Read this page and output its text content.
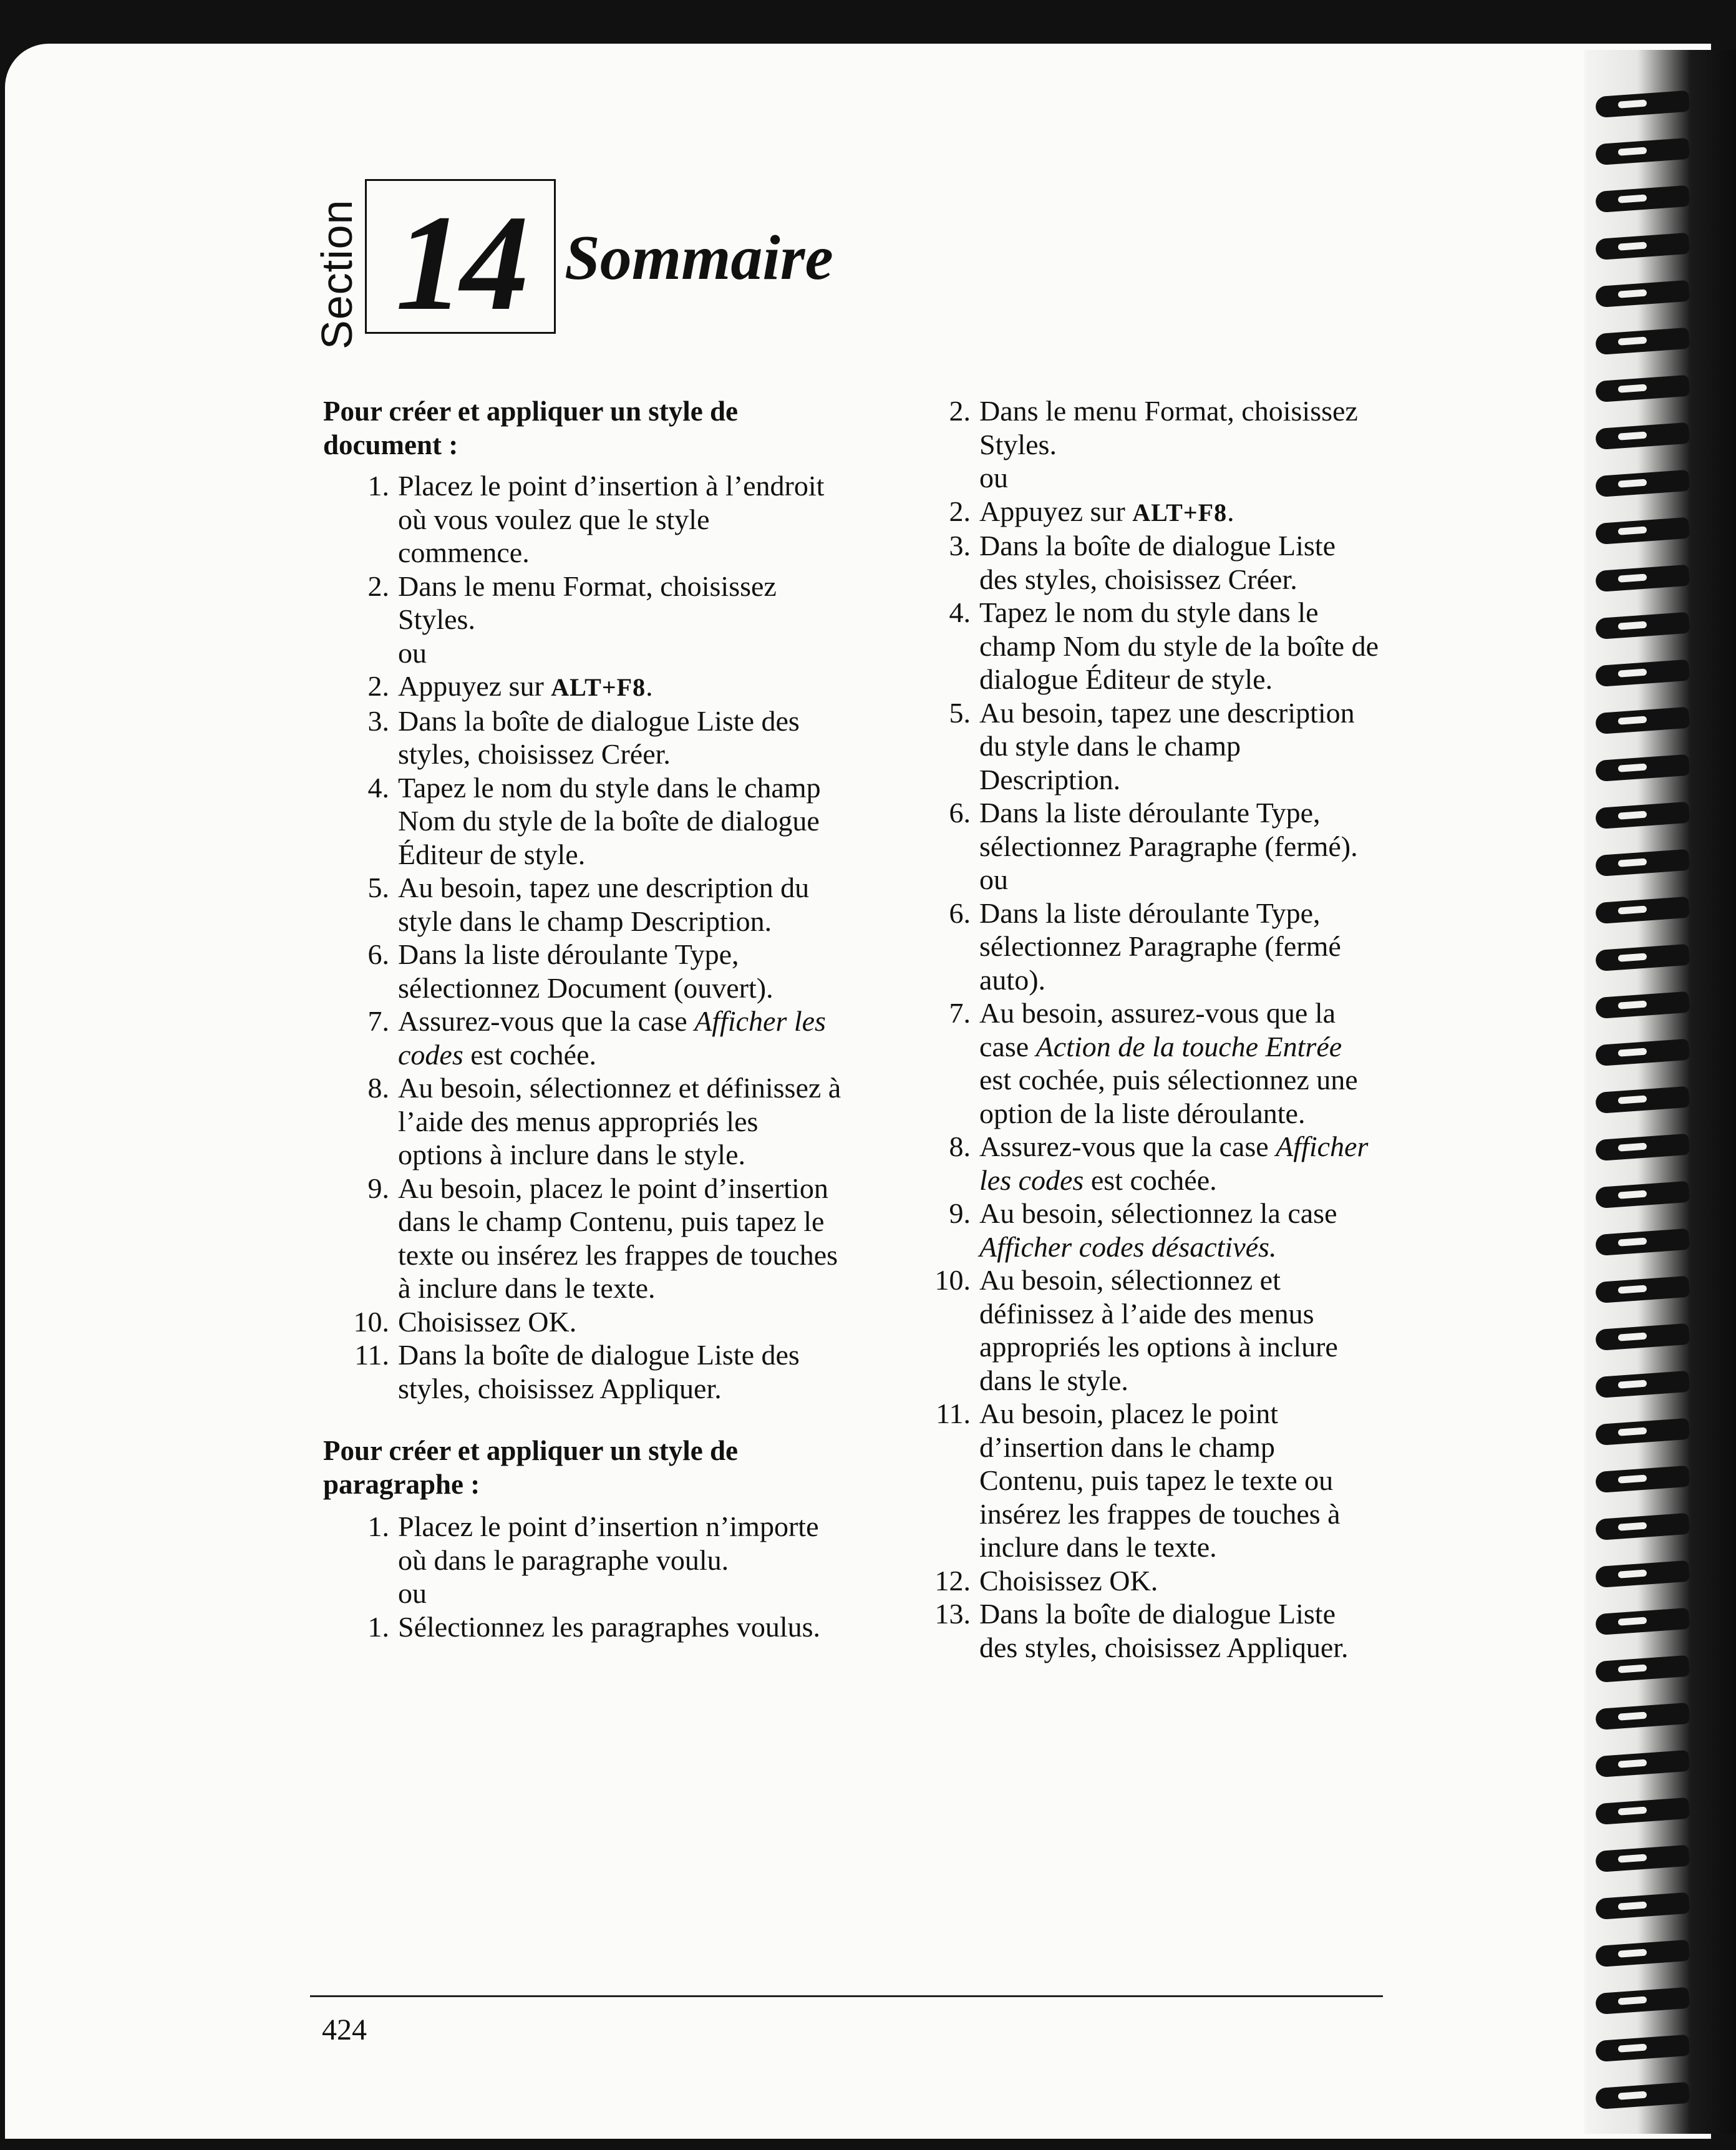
Section 14 Sommaire
Pour créer et appliquer un style de document :
1. Placez le point d’insertion à l’endroit où vous voulez que le style commence.
2. Dans le menu Format, choisissez Styles.
ou
2. Appuyez sur ALT+F8.
3. Dans la boîte de dialogue Liste des styles, choisissez Créer.
4. Tapez le nom du style dans le champ Nom du style de la boîte de dialogue Éditeur de style.
5. Au besoin, tapez une description du style dans le champ Description.
6. Dans la liste déroulante Type, sélectionnez Document (ouvert).
7. Assurez-vous que la case Afficher les codes est cochée.
8. Au besoin, sélectionnez et définissez à l’aide des menus appropriés les options à inclure dans le style.
9. Au besoin, placez le point d’insertion dans le champ Contenu, puis tapez le texte ou insérez les frappes de touches à inclure dans le texte.
10. Choisissez OK.
11. Dans la boîte de dialogue Liste des styles, choisissez Appliquer.
Pour créer et appliquer un style de paragraphe :
1. Placez le point d’insertion n’importe où dans le paragraphe voulu.
ou
1. Sélectionnez les paragraphes voulus.
2. Dans le menu Format, choisissez Styles.
ou
2. Appuyez sur ALT+F8.
3. Dans la boîte de dialogue Liste des styles, choisissez Créer.
4. Tapez le nom du style dans le champ Nom du style de la boîte de dialogue Éditeur de style.
5. Au besoin, tapez une description du style dans le champ Description.
6. Dans la liste déroulante Type, sélectionnez Paragraphe (fermé).
ou
6. Dans la liste déroulante Type, sélectionnez Paragraphe (fermé auto).
7. Au besoin, assurez-vous que la case Action de la touche Entrée est cochée, puis sélectionnez une option de la liste déroulante.
8. Assurez-vous que la case Afficher les codes est cochée.
9. Au besoin, sélectionnez la case Afficher codes désactivés.
10. Au besoin, sélectionnez et définissez à l’aide des menus appropriés les options à inclure dans le style.
11. Au besoin, placez le point d’insertion dans le champ Contenu, puis tapez le texte ou insérez les frappes de touches à inclure dans le texte.
12. Choisissez OK.
13. Dans la boîte de dialogue Liste des styles, choisissez Appliquer.
424
